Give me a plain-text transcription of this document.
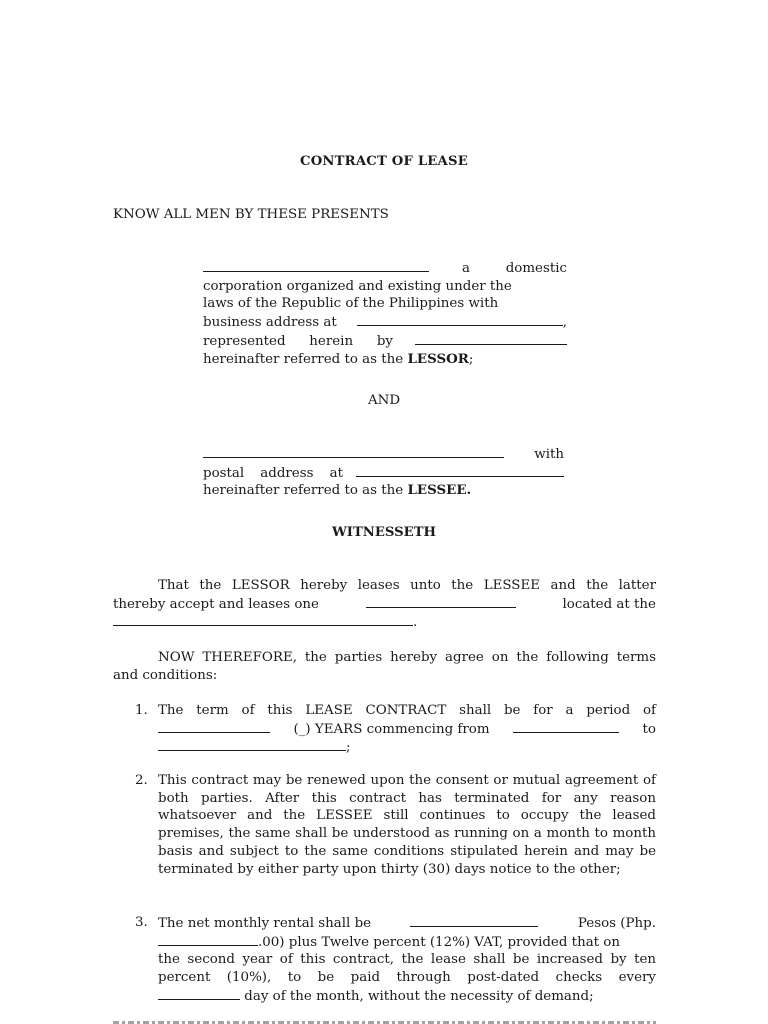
CONTRACT OF LEASE
KNOW ALL MEN BY THESE PRESENTS
a	domestic
corporation organized and existing under the
laws of the Republic of the Philippines with
business address at	,
represented herein by
hereinafter referred to as the LESSOR;
AND
with
postal address at
hereinafter referred to as the LESSEE.
WITNESSETH
That the LESSOR hereby leases unto the LESSEE and the latter
thereby accept and leases one	located at the
.
NOW THEREFORE, the parties hereby agree on the following terms
and conditions:
1. The term of this LEASE CONTRACT shall be for a period of
(_) YEARS commencing from	to
;
2. This contract may be renewed upon the consent or mutual agreement of both parties. After this contract has terminated for any reason whatsoever and the LESSEE still continues to occupy the leased premises, the same shall be understood as running on a month to month basis and subject to the same conditions stipulated herein and may be terminated by either party upon thirty (30) days notice to the other;
3. The net monthly rental shall be	Pesos (Php.
.00) plus Twelve percent (12%) VAT, provided that on
the second year of this contract, the lease shall be increased by ten
percent (10%), to be paid through post-dated checks every
day of the month, without the necessity of demand;
